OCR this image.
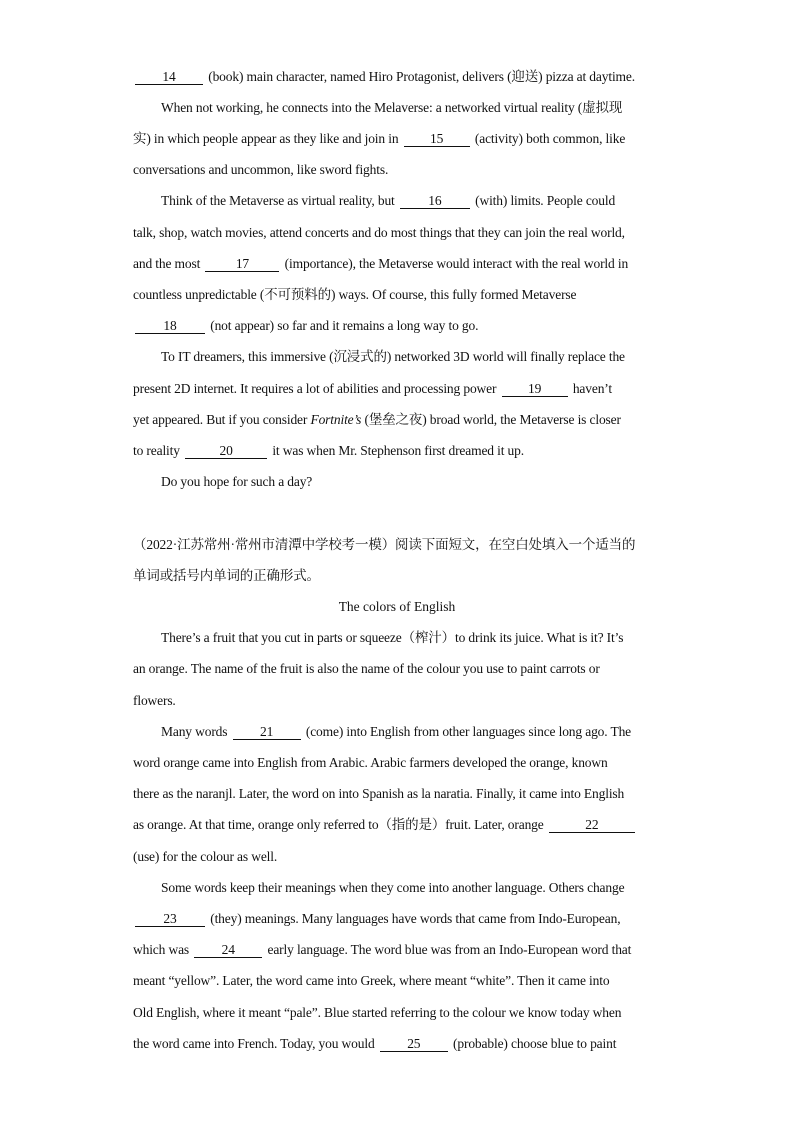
14 (book) main character, named Hiro Protagonist, delivers (迎送) pizza at daytime.

When not working, he connects into the Melaverse: a networked virtual reality (虚拟现

实) in which people appear as they like and join in 15 (activity) both common, like

conversations and uncommon, like sword fights.

Think of the Metaverse as virtual reality, but 16 (with) limits. People could

talk, shop, watch movies, attend concerts and do most things that they can join the real world,

and the most	17	(importance), the Metaverse would interact with the real world in

countless unpredictable (不可预料的) ways. Of course, this fully formed Metaverse

18 (not appear) so far and it remains a long way to go.

To IT dreamers, this immersive (沉浸式的) networked 3D world will finally replace the

present 2D internet. It requires a lot of abilities and processing power 19 haven’t

yet appeared. But if you consider Fortnite’s (堡垒之夜) broad world, the Metaverse is closer

to reality	20	it was when Mr. Stephenson first dreamed it up.

Do you hope for such a day?

（2022·江苏常州·常州市清潭中学校考一模）阅读下面短文，在空白处填入一个适当的

单词或括号内单词的正确形式。

The colors of English

There’s a fruit that you cut in parts or squeeze（榨汁）to drink its juice. What is it? It’s

an orange. The name of the fruit is also the name of the colour you use to paint carrots or

flowers.

Many words 21 (come) into English from other languages since long ago. The

word orange came into English from Arabic. Arabic farmers developed the orange, known

there as the naranjl. Later, the word on into Spanish as la naratia. Finally, it came into English

as orange. At that time, orange only referred to（指的是）fruit. Later, orange	22

(use) for the colour as well.

Some words keep their meanings when they come into another language. Others change

23 (they) meanings. Many languages have words that came from Indo-European,

which was 24 early language. The word blue was from an Indo-European word that

meant “yellow”. Later, the word came into Greek, where meant “white”. Then it came into

Old English, where it meant “pale”. Blue started referring to the colour we know today when

the word came into French. Today, you would 25 (probable) choose blue to paint
